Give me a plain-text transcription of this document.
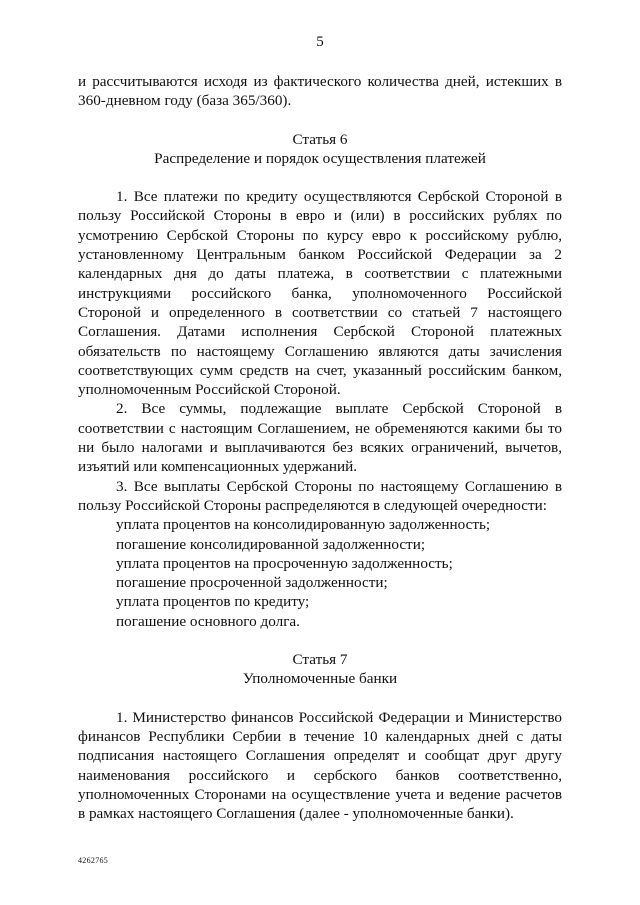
5

и рассчитываются исходя из фактического количества дней, истекших в 360-дневном году (база 365/360).

Статья 6

Распределение и порядок осуществления платежей

1. Все платежи по кредиту осуществляются Сербской Стороной в пользу Российской Стороны в евро и (или) в российских рублях по усмотрению Сербской Стороны по курсу евро к российскому рублю, установленному Центральным банком Российской Федерации за 2 календарных дня до даты платежа, в соответствии с платежными инструкциями российского банка, уполномоченного Российской Стороной и определенного в соответствии со статьей 7 настоящего Соглашения. Датами исполнения Сербской Стороной платежных обязательств по настоящему Соглашению являются даты зачисления соответствующих сумм средств на счет, указанный российским банком, уполномоченным Российской Стороной.

2. Все суммы, подлежащие выплате Сербской Стороной в соответствии с настоящим Соглашением, не обременяются какими бы то ни было налогами и выплачиваются без всяких ограничений, вычетов, изъятий или компенсационных удержаний.

3. Все выплаты Сербской Стороны по настоящему Соглашению в пользу Российской Стороны распределяются в следующей очередности:

уплата процентов на консолидированную задолженность;
погашение консолидированной задолженности;
уплата процентов на просроченную задолженность;
погашение просроченной задолженности;
уплата процентов по кредиту;
погашение основного долга.

Статья 7

Уполномоченные банки

1. Министерство финансов Российской Федерации и Министерство финансов Республики Сербии в течение 10 календарных дней с даты подписания настоящего Соглашения определят и сообщат друг другу наименования российского и сербского банков соответственно, уполномоченных Сторонами на осуществление учета и ведение расчетов в рамках настоящего Соглашения (далее - уполномоченные банки).

4262765
